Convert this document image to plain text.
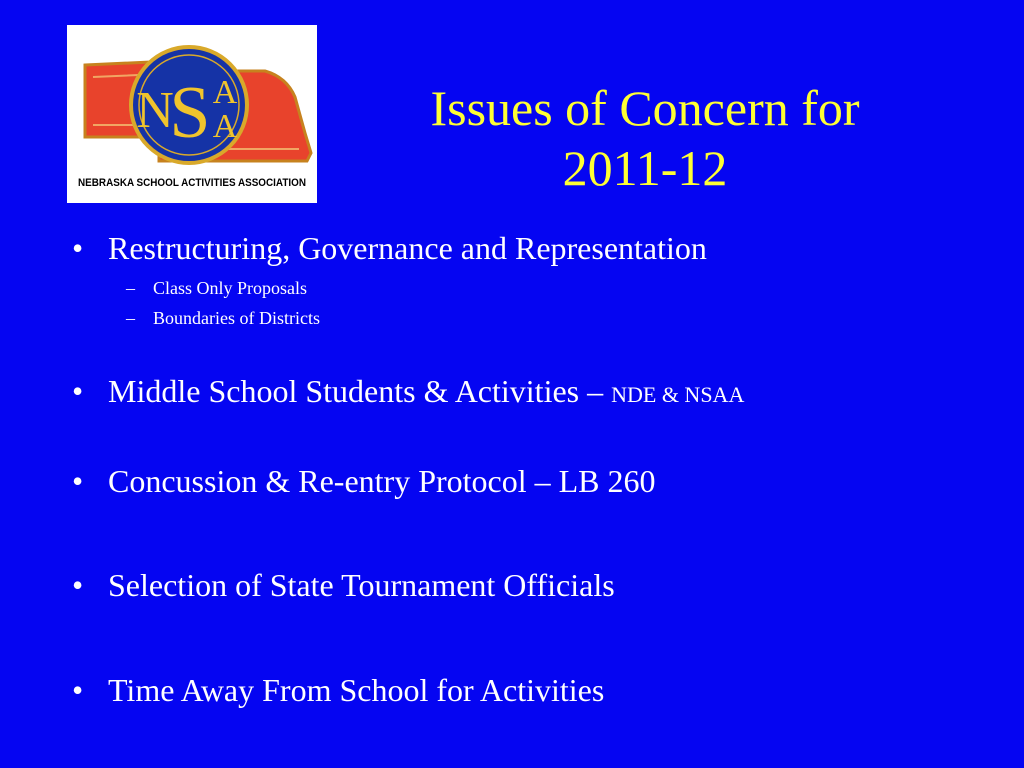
N
S A
A
NEBRASKA SCHOOL ACTIVITIES ASSOCIATION
Issues of Concern for
2011-12
• Restructuring, Governance and Representation
– Class Only Proposals
– Boundaries of Districts
• Middle School Students & Activities – NDE & NSAA
• Concussion & Re-entry Protocol – LB 260
• Selection of State Tournament Officials
• Time Away From School for Activities
